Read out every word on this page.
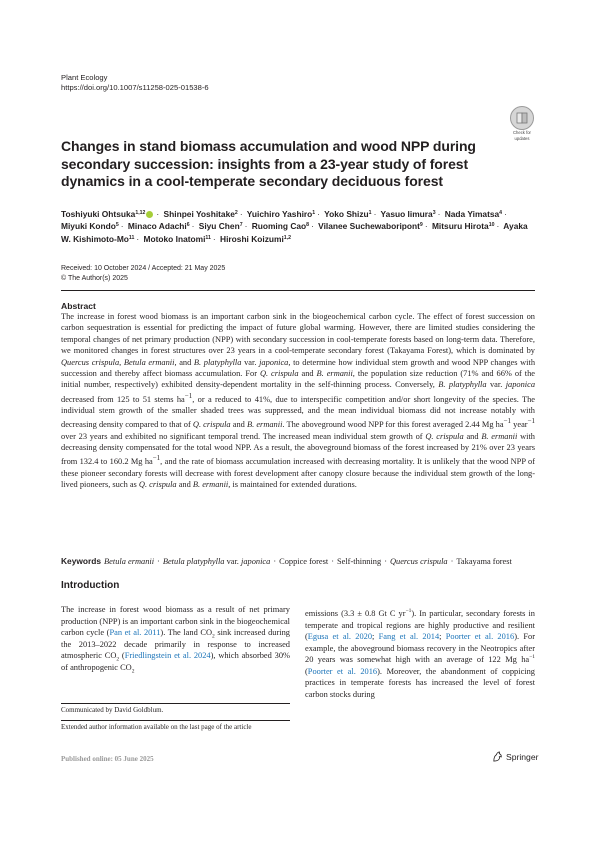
Plant Ecology
https://doi.org/10.1007/s11258-025-01538-6
Check for
updates
Changes in stand biomass accumulation and wood NPP during secondary succession: insights from a 23-year study of forest dynamics in a cool-temperate secondary deciduous forest
Toshiyuki Ohtsuka$^{1,12}$ · Shinpei Yoshitake$^2$ · Yuichiro Yashiro$^1$ · Yoko Shizu$^1$ · Yasuo Iimura$^3$ · Nada Yimatsa$^4$ · Miyuki Kondo$^5$ · Minaco Adachi$^6$ · Siyu Chen$^7$ · Ruoming Cao$^8$ · Vilanee Suchewaboripont$^9$ · Mitsuru Hirota$^{10}$ · Ayaka W. Kishimoto-$Mo^{11}$ · Motoko Inatomi$^{11}$ · Hiroshi Koizumi$^{1,2}$
Received: 10 October 2024 / Accepted: 21 May 2025
© The Author(s) 2025
Abstract

The increase in forest wood biomass is an important carbon sink in the biogeochemical carbon cycle. The effect of forest succession on carbon sequestration is essential for predicting the impact of future global warming. However, there are limited studies considering the temporal changes of net primary production (NPP) with secondary succession in cool-temperate forests based on long-term data. Therefore, we monitored changes in forest structures over 23 years in a cool-temperate secondary forest (Takayama Forest), which is dominated by Quercus crispula, Betula ermanii, and B. platyphylla var. japonica, to determine how individual stem growth and wood NPP changes with succession and thereby affect biomass accumulation. For Q. crispula and B. ermanii, the population size reduction (71% and 66% of the initial number, respectively) exhibited density-dependent mortality in the self-thinning process. Conversely, B. platyphylla var. japonica decreased from 125 to 51 stems $ha^{-1}$, or a reduced to 41%, due to interspecific competition and/or short longevity of the species. The individual stem growth of the smaller shaded trees was suppressed, and the mean individual biomass did not increase notably with decreasing density compared to that of Q. crispula and B. ermanii. The aboveground wood NPP for this forest averaged 2.44 Mg $ha^{-1}$ year$^{-1}$ over 23 years and exhibited no significant temporal trend. The increased mean individual stem growth of Q. crispula and B. ermanii with decreasing density compensated for the total wood NPP. As a result, the aboveground biomass of the forest increased by 21% over 23 years from 132.4 to 160.2 Mg $ha^{-1}$, and the rate of biomass accumulation increased with decreasing mortality. It is unlikely that the wood NPP of these pioneer secondary forests will decrease with forest development after canopy closure because the individual stem growth of the long-lived pioneers, such as Q. crispula and B. ermanii, is maintained for extended durations.

Keywords Betula ermanii · Betula platyphylla var. japonica · Coppice forest · Self-thinning · Quercus crispula · Takayama forest
Introduction

The increase in forest wood biomass as a result of net primary production (NPP) is an important carbon sink in the biogeochemical carbon cycle (Pan et al. 2011). The land $CO_2$ sink increased during the 2013–2022 decade primarily in response to increased atmospheric $CO_2$ (Friedlingstein et al. 2024), which absorbed 30% of anthropogenic $CO_2$

emissions (3.3 ± 0.8 Gt C $yr^{-1}$). In particular, secondary forests in temperate and tropical regions are highly productive and resilient (Egusa et al. 2020; Fang et al. 2014; Poorter et al. 2016). For example, the aboveground biomass recovery in the Neotropics after 20 years was somewhat high with an average of 122 Mg $ha^{-1}$ (Poorter et al. 2016). Moreover, the abandonment of coppicing practices in temperate forests has increased the level of forest carbon stocks during

Communicated by David Goldblum.
Extended author information available on the last page of the article
Published online: 05 June 2025	Springer
